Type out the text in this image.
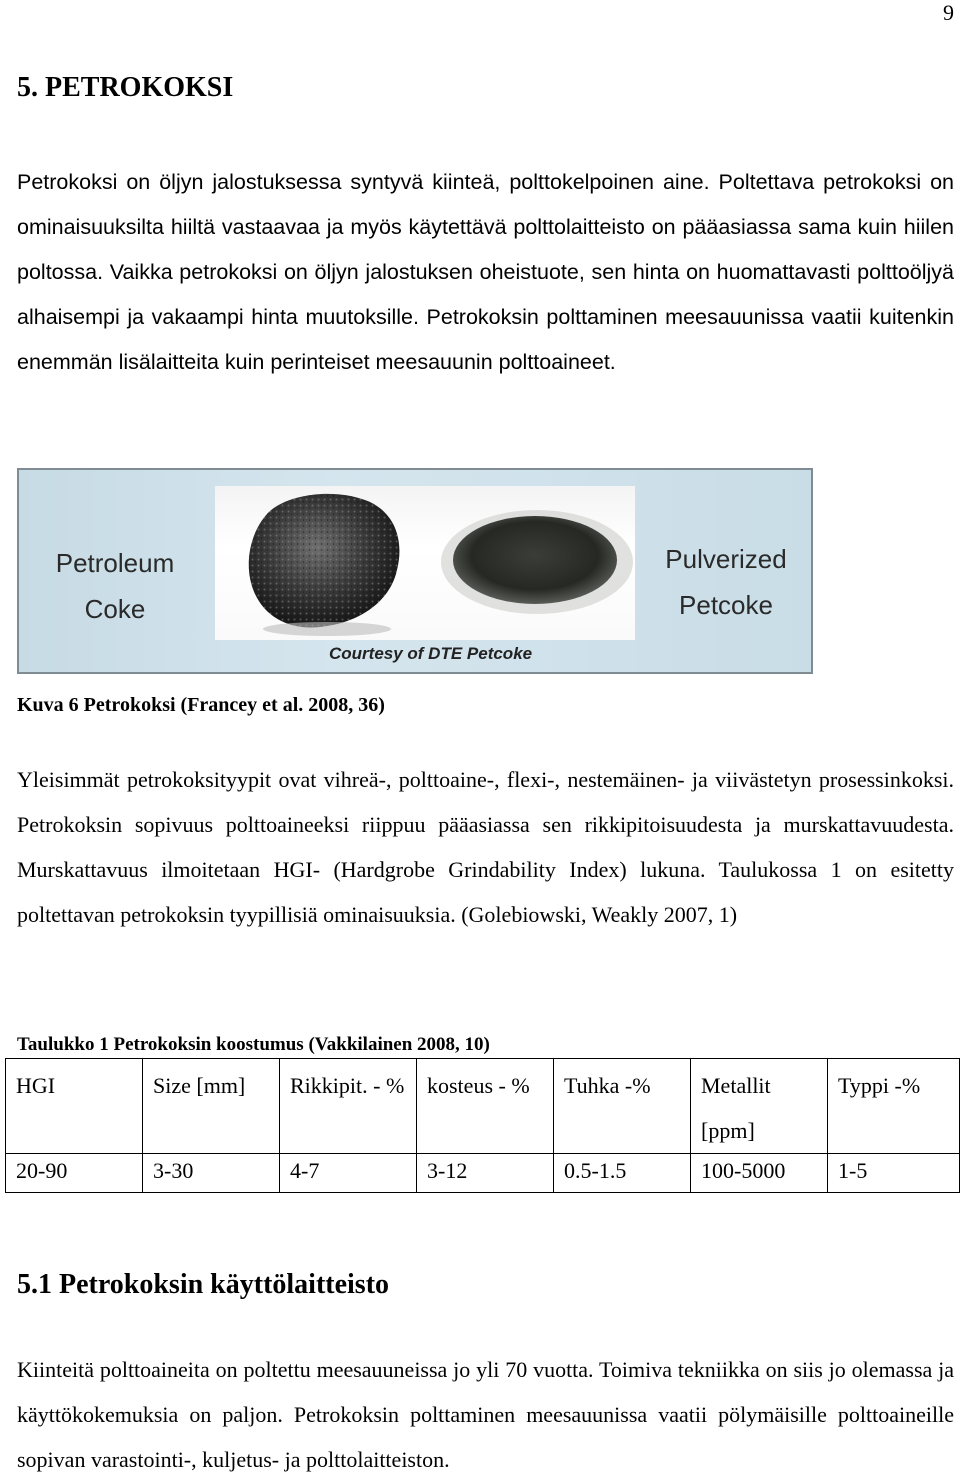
9
5. PETROKOKSI

Petrokoksi on öljyn jalostuksessa syntyvä kiinteä, polttokelpoinen aine. Poltettava petrokoksi on ominaisuuksilta hiiltä vastaavaa ja myös käytettävä polttolaitteisto on pääasiassa sama kuin hiilen poltossa. Vaikka petrokoksi on öljyn jalostuksen oheistuote, sen hinta on huomattavasti polttoöljyä alhaisempi ja vakaampi hinta muutoksille. Petrokoksin polttaminen meesauunissa vaatii kuitenkin enemmän lisälaitteita kuin perinteiset meesauunin polttoaineet.

Petroleum
Coke
Pulverized
Petcoke
Courtesy of DTE Petcoke
Kuva 6 Petrokoksi (Francey et al. 2008, 36)

Yleisimmät petrokoksityypit ovat vihreä-, polttoaine-, flexi-, nestemäinen- ja viivästetyn prosessinkoksi. Petrokoksin sopivuus polttoaineeksi riippuu pääasiassa sen rikkipitoisuudesta ja murskattavuudesta. Murskattavuus ilmoitetaan HGI- (Hardgrobe Grindability Index) lukuna. Taulukossa 1 on esitetty poltettavan petrokoksin tyypillisiä ominaisuuksia. (Golebiowski, Weakly 2007, 1)

Taulukko 1 Petrokoksin koostumus (Vakkilainen 2008, 10)
HGI	Size [mm]	Rikkipit. - %	kosteus - %	Tuhka -%	Metallit [ppm]	Typpi -%
20-90	3-30	4-7	3-12	0.5-1.5	100-5000	1-5
5.1 Petrokoksin käyttölaitteisto

Kiinteitä polttoaineita on poltettu meesauuneissa jo yli 70 vuotta. Toimiva tekniikka on siis jo olemassa ja käyttökokemuksia on paljon. Petrokoksin polttaminen meesauunissa vaatii pölymäisille polttoaineille sopivan varastointi-, kuljetus- ja polttolaitteiston.
